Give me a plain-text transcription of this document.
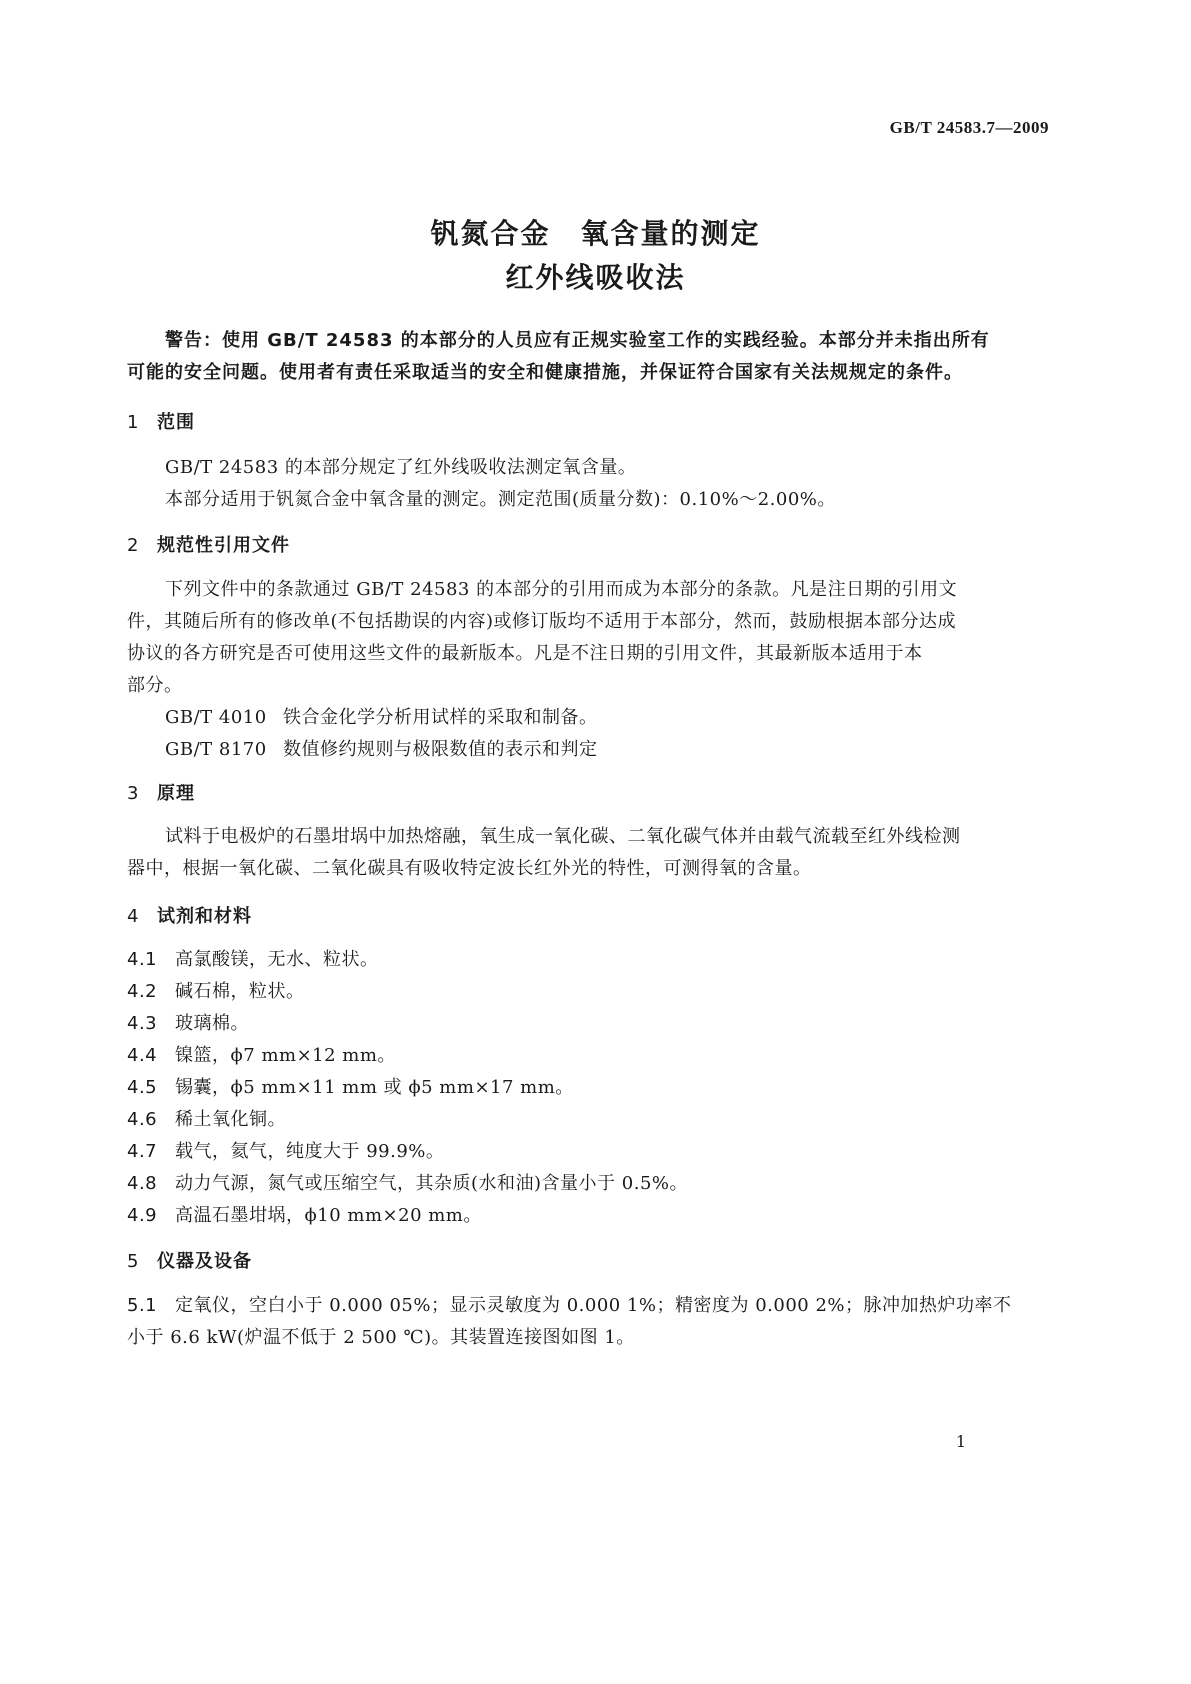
GB/T 24583.7—2009
钒氮合金　氧含量的测定
红外线吸收法
警告：使用 GB/T 24583 的本部分的人员应有正规实验室工作的实践经验。本部分并未指出所有
可能的安全问题。使用者有责任采取适当的安全和健康措施，并保证符合国家有关法规规定的条件。
1 范围
GB/T 24583 的本部分规定了红外线吸收法测定氧含量。
本部分适用于钒氮合金中氧含量的测定。测定范围(质量分数)：0.10%～2.00%。
2 规范性引用文件
下列文件中的条款通过 GB/T 24583 的本部分的引用而成为本部分的条款。凡是注日期的引用文
件，其随后所有的修改单(不包括勘误的内容)或修订版均不适用于本部分，然而，鼓励根据本部分达成
协议的各方研究是否可使用这些文件的最新版本。凡是不注日期的引用文件，其最新版本适用于本
部分。
GB/T 4010 铁合金化学分析用试样的采取和制备。
GB/T 8170 数值修约规则与极限数值的表示和判定
3 原理
试料于电极炉的石墨坩埚中加热熔融，氧生成一氧化碳、二氧化碳气体并由载气流载至红外线检测
器中，根据一氧化碳、二氧化碳具有吸收特定波长红外光的特性，可测得氧的含量。
4 试剂和材料
4.1 高氯酸镁，无水、粒状。
4.2 碱石棉，粒状。
4.3 玻璃棉。
4.4 镍篮，ϕ7 mm×12 mm。
4.5 锡囊，ϕ5 mm×11 mm 或 ϕ5 mm×17 mm。
4.6 稀土氧化铜。
4.7 载气，氦气，纯度大于 99.9%。
4.8 动力气源，氮气或压缩空气，其杂质(水和油)含量小于 0.5%。
4.9 高温石墨坩埚，ϕ10 mm×20 mm。
5 仪器及设备
5.1 定氧仪，空白小于 0.000 05%；显示灵敏度为 0.000 1%；精密度为 0.000 2%；脉冲加热炉功率不
小于 6.6 kW(炉温不低于 2 500 ℃)。其装置连接图如图 1。
1
